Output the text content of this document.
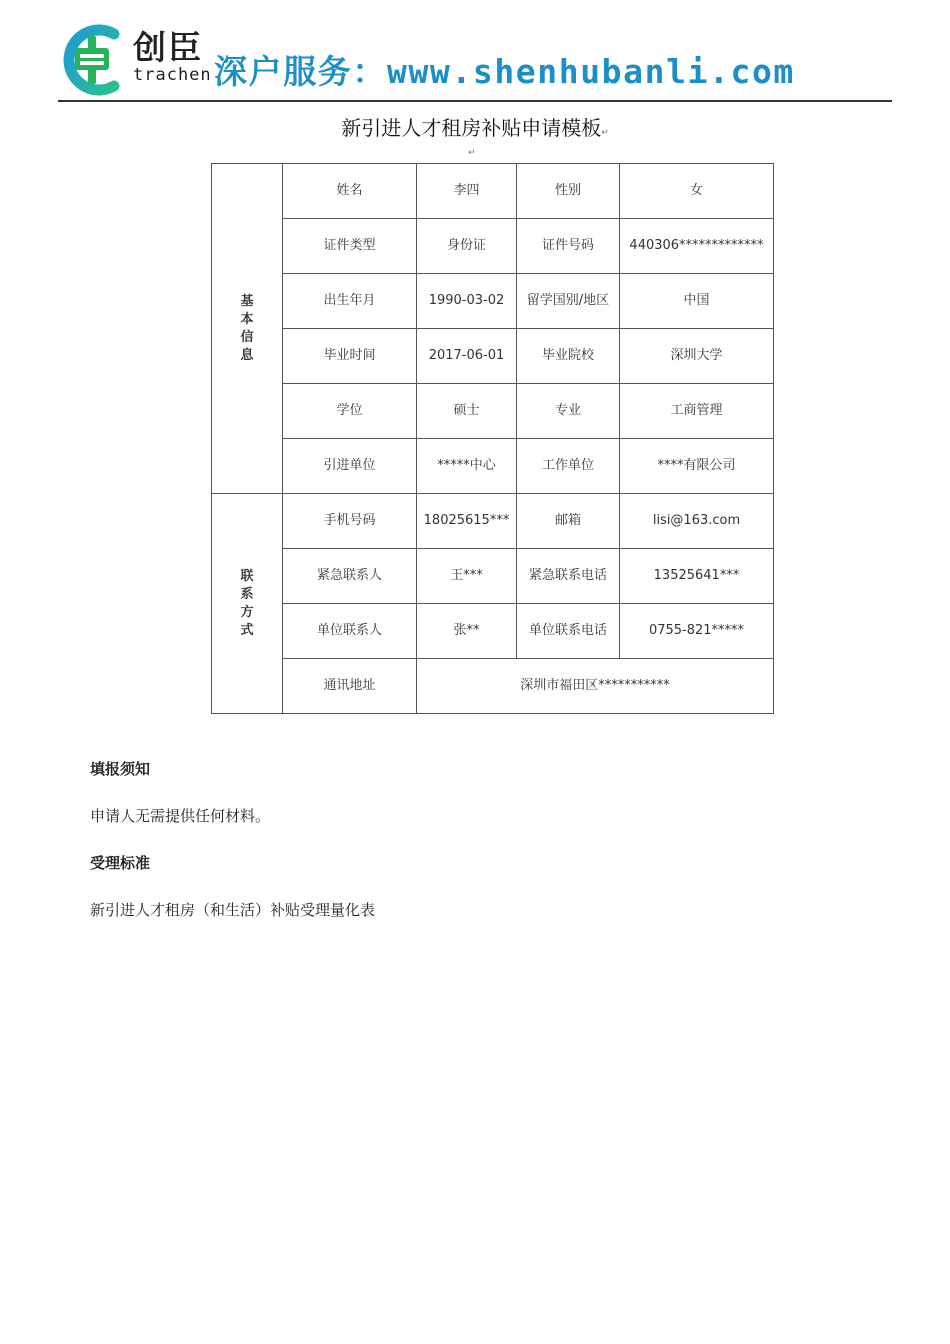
创臣
trachen 深户服务：www.shenhubanli.com
新引进人才租房补贴申请模板↵
↵
基
本
信
息	姓名	李四	性别	女
	证件类型	身份证	证件号码	440306*************
	出生年月	1990-03-02	留学国别/地区	中国
	毕业时间	2017-06-01	毕业院校	深圳大学
	学位	硕士	专业	工商管理
	引进单位	*****中心	工作单位	****有限公司

联
系
方
式	手机号码	18025615***	邮箱	lisi@163.com
	紧急联系人	王***	紧急联系电话	13525641***
	单位联系人	张**	单位联系电话	0755-821*****
	通讯地址	深圳市福田区***********		
填报须知
申请人无需提供任何材料。
受理标准
新引进人才租房（和生活）补贴受理量化表
